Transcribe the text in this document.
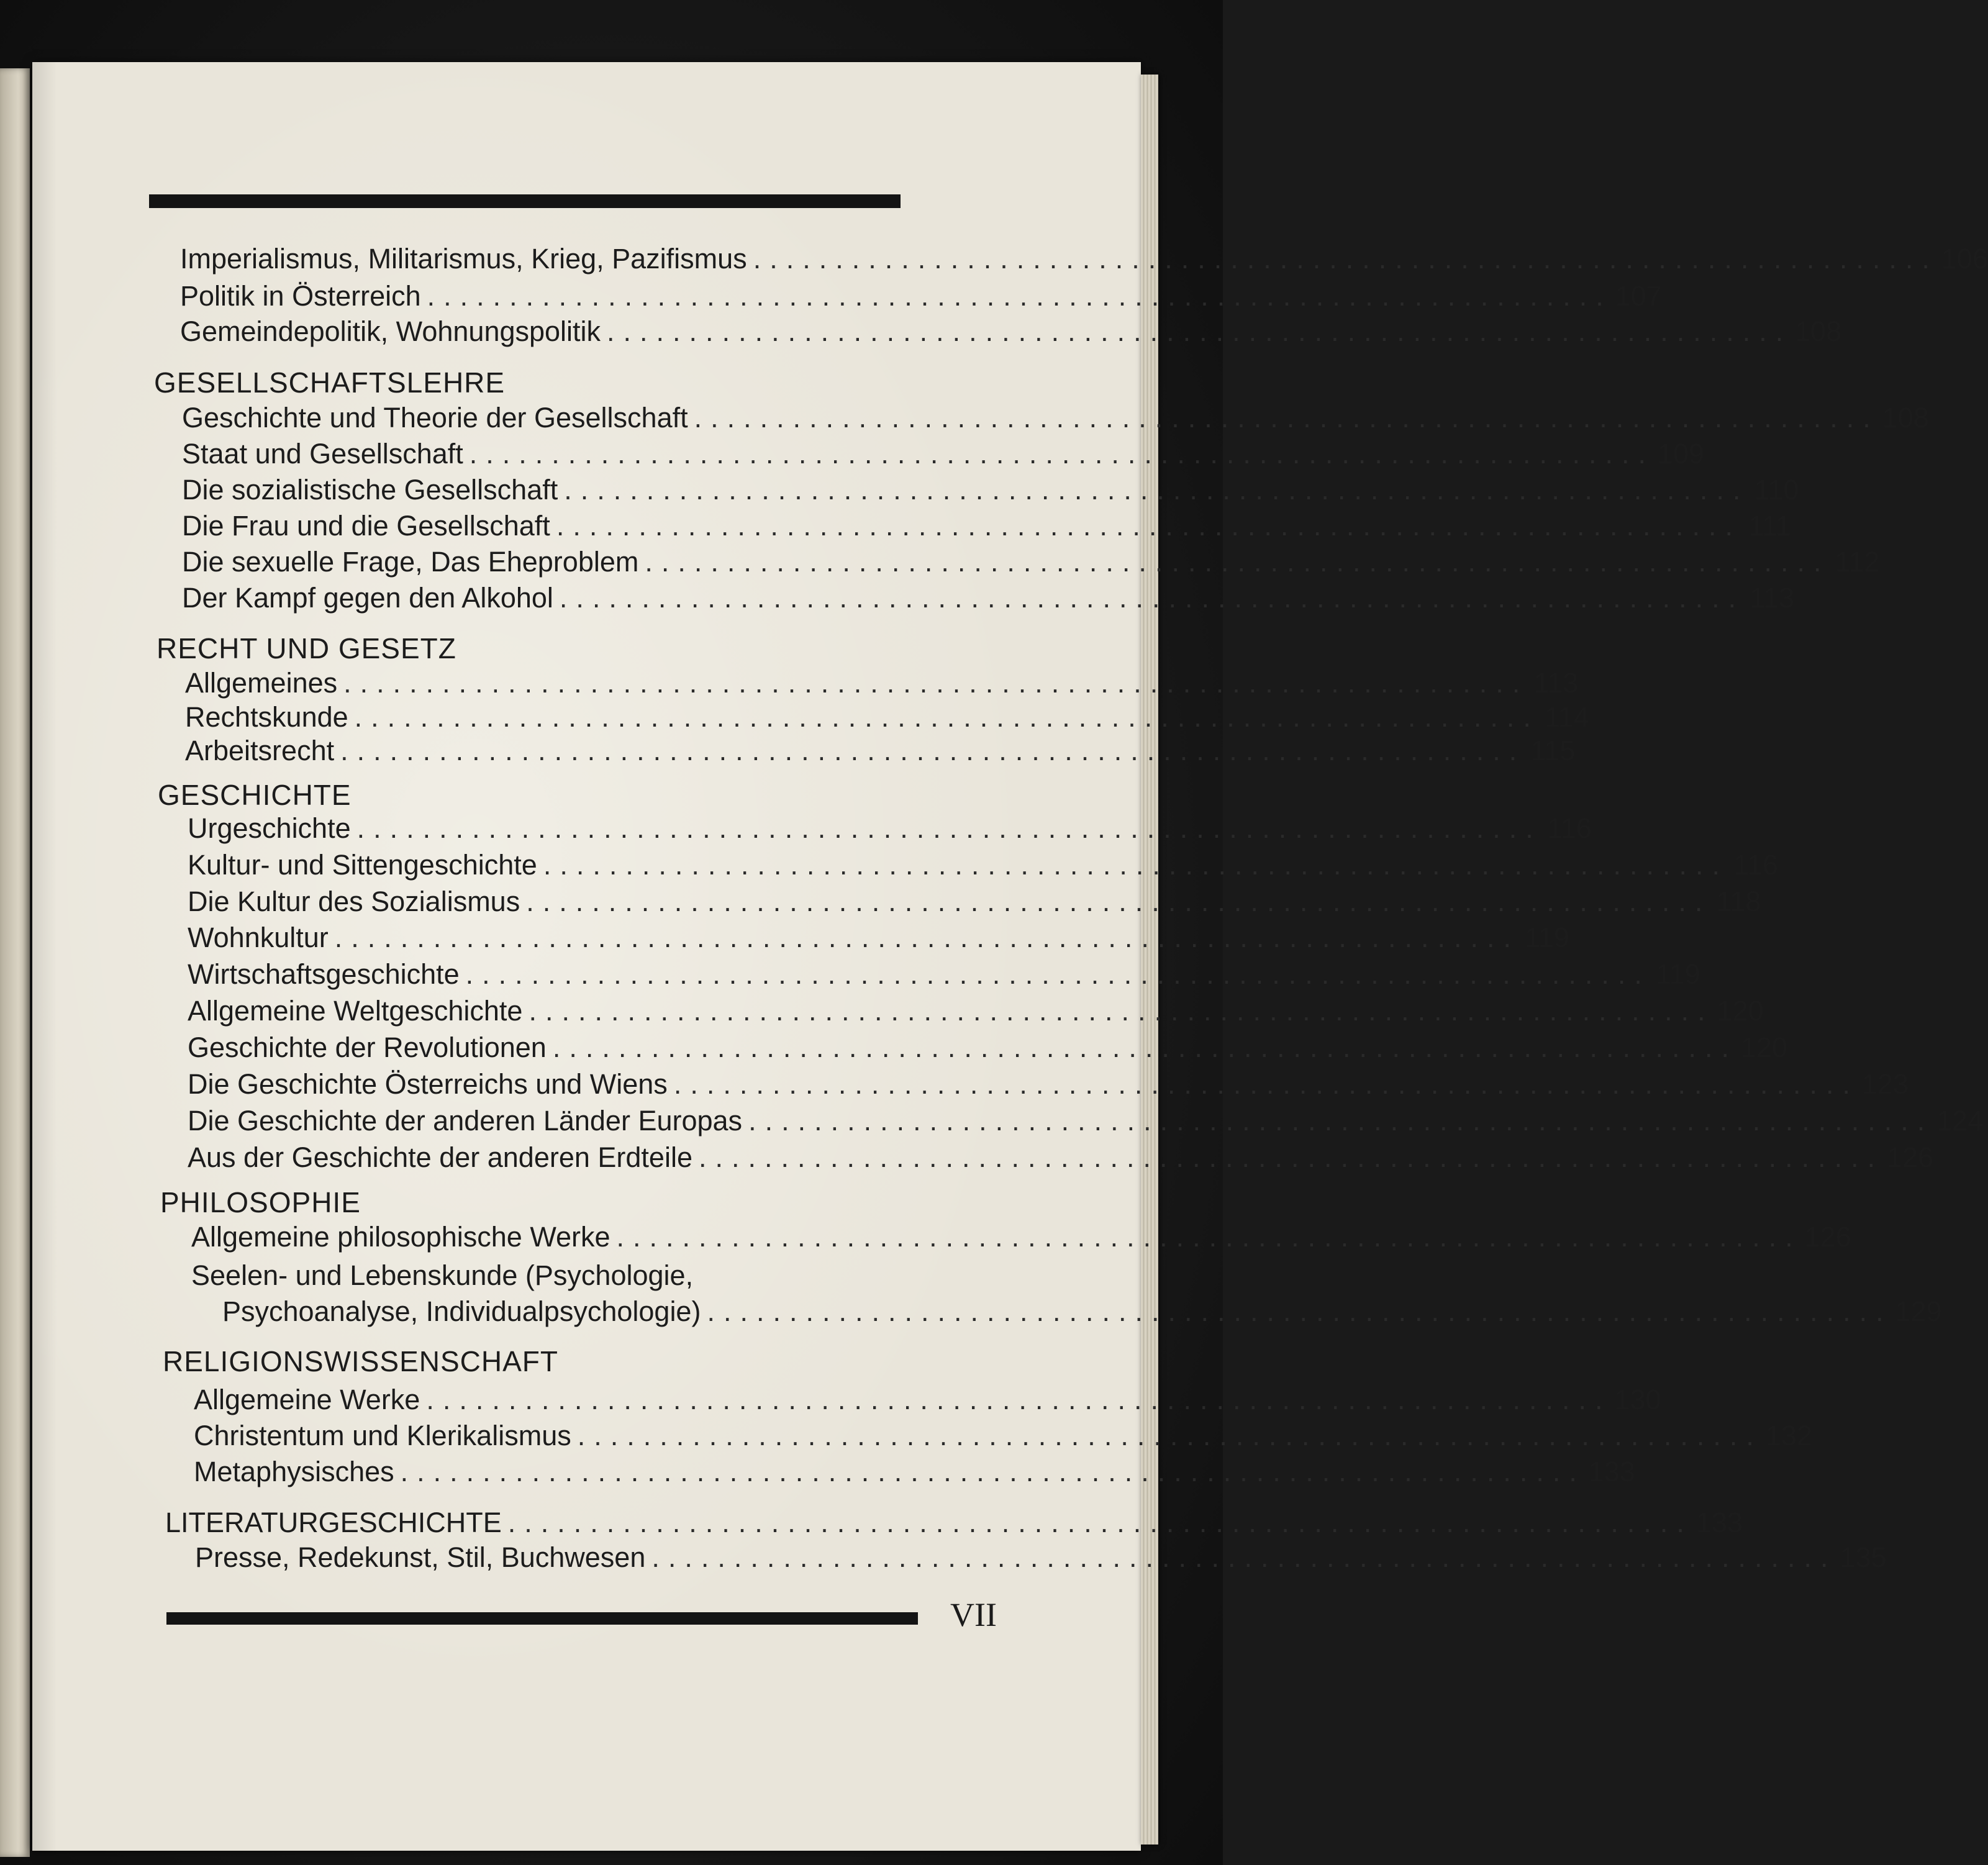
Imperialismus, Militarismus, Krieg, Pazifismus ........................................................................ 106
Politik in Österreich ........................................................................ 107
Gemeindepolitik, Wohnungspolitik ........................................................................ 108
GESELLSCHAFTSLEHRE
Geschichte und Theorie der Gesellschaft ........................................................................ 108
Staat und Gesellschaft ........................................................................ 109
Die sozialistische Gesellschaft ........................................................................ 110
Die Frau und die Gesellschaft ........................................................................ 111
Die sexuelle Frage, Das Eheproblem ........................................................................ 112
Der Kampf gegen den Alkohol ........................................................................ 113
RECHT UND GESETZ
Allgemeines ........................................................................ 113
Rechtskunde ........................................................................ 114
Arbeitsrecht ........................................................................ 115
GESCHICHTE
Urgeschichte ........................................................................ 116
Kultur- und Sittengeschichte ........................................................................ 116
Die Kultur des Sozialismus ........................................................................ 118
Wohnkultur ........................................................................ 119
Wirtschaftsgeschichte ........................................................................ 119
Allgemeine Weltgeschichte ........................................................................ 120
Geschichte der Revolutionen ........................................................................ 120
Die Geschichte Österreichs und Wiens ........................................................................ 123
Die Geschichte der anderen Länder Europas ........................................................................ 124
Aus der Geschichte der anderen Erdteile ........................................................................ 126
PHILOSOPHIE
Allgemeine philosophische Werke ........................................................................ 126
Seelen- und Lebenskunde (Psychologie,
Psychoanalyse, Individualpsychologie) ........................................................................ 129
RELIGIONSWISSENSCHAFT
Allgemeine Werke ........................................................................ 130
Christentum und Klerikalismus ........................................................................ 132
Metaphysisches ........................................................................ 133
LITERATURGESCHICHTE ........................................................................ 133
Presse, Redekunst, Stil, Buchwesen ........................................................................ 135
VII
